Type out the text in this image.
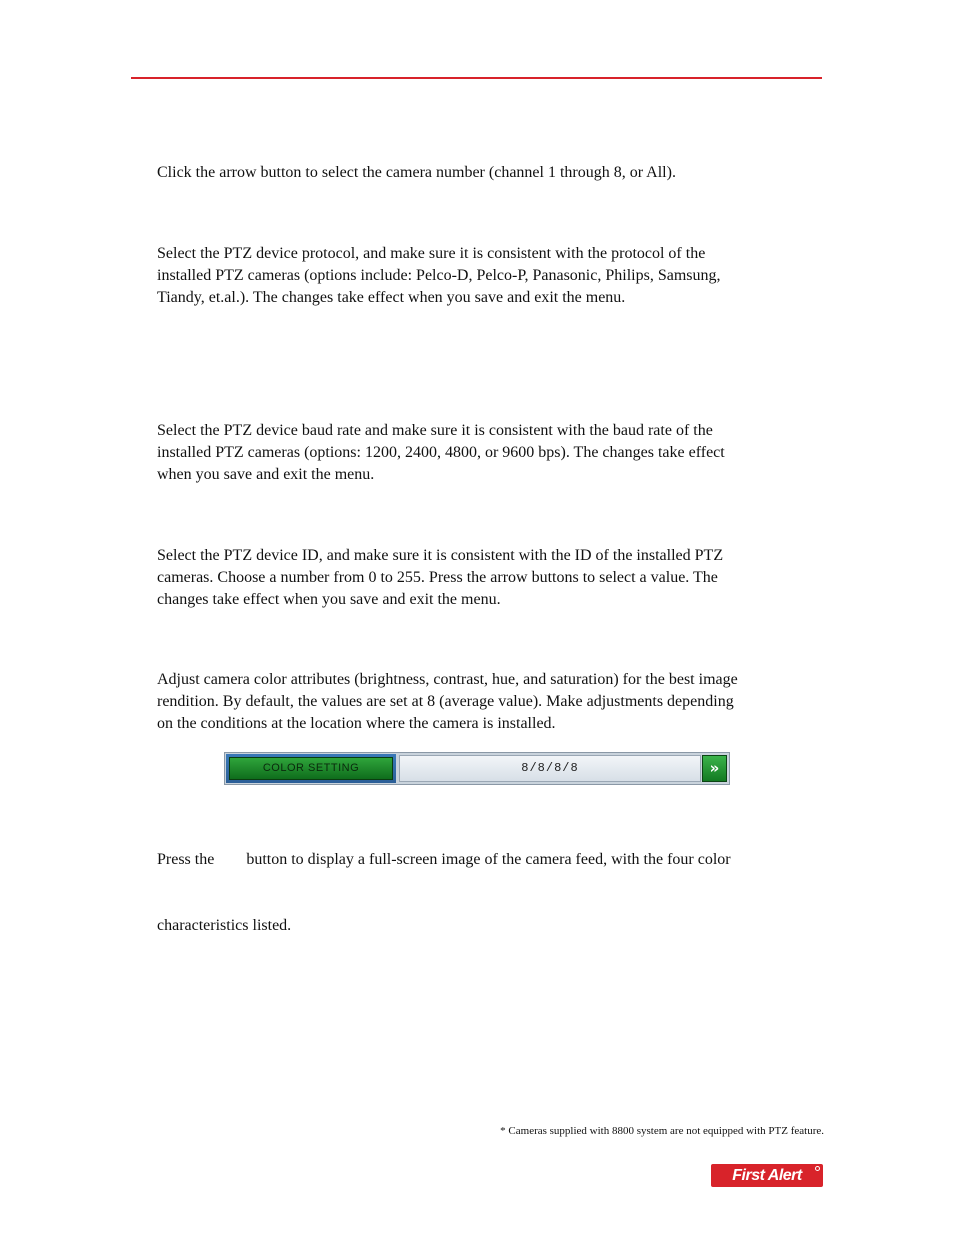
Click the arrow button to select the camera number (channel 1 through 8, or All).

Select the PTZ device protocol, and make sure it is consistent with the protocol of the
installed PTZ cameras (options include: Pelco-D, Pelco-P, Panasonic, Philips, Samsung,
Tiandy, et.al.). The changes take effect when you save and exit the menu.

Select the PTZ device baud rate and make sure it is consistent with the baud rate of the
installed PTZ cameras (options: 1200, 2400, 4800, or 9600 bps). The changes take effect
when you save and exit the menu.

Select the PTZ device ID, and make sure it is consistent with the ID of the installed PTZ
cameras. Choose a number from 0 to 255. Press the arrow buttons to select a value. The
changes take effect when you save and exit the menu.

Adjust camera color attributes (brightness, contrast, hue, and saturation) for the best image
rendition. By default, the values are set at 8 (average value). Make adjustments depending
on the conditions at the location where the camera is installed.

COLOR SETTING	8/8/8/8	»

Press the        button to display a full-screen image of the camera feed, with the four color

characteristics listed.

* Cameras supplied with 8800 system are not equipped with PTZ feature.

First Alert
